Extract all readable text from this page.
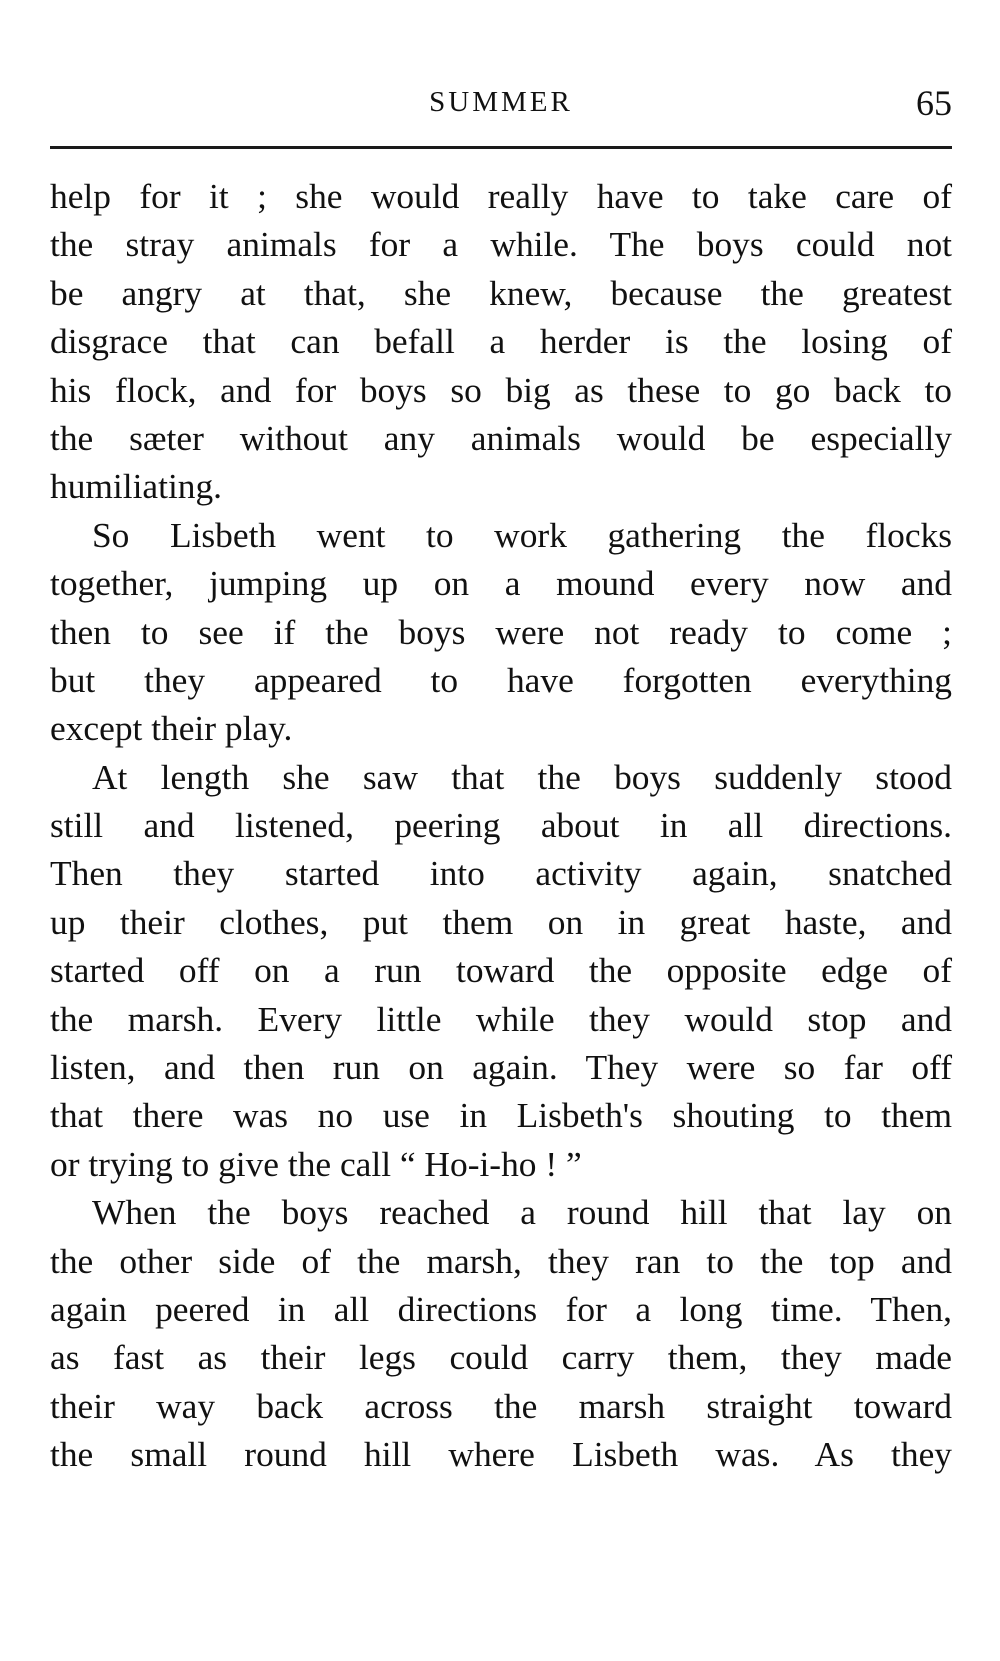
SUMMER	65
help for it ; she would really have to take care of
the stray animals for a while. The boys could not
be angry at that, she knew, because the greatest
disgrace that can befall a herder is the losing of
his flock, and for boys so big as these to go back to
the sæter without any animals would be especially
humiliating.
So Lisbeth went to work gathering the flocks
together, jumping up on a mound every now and
then to see if the boys were not ready to come ;
but they appeared to have forgotten everything
except their play.
At length she saw that the boys suddenly stood
still and listened, peering about in all directions.
Then they started into activity again, snatched
up their clothes, put them on in great haste, and
started off on a run toward the opposite edge of
the marsh. Every little while they would stop and
listen, and then run on again. They were so far off
that there was no use in Lisbeth's shouting to them
or trying to give the call “ Ho-i-ho ! ”
When the boys reached a round hill that lay on
the other side of the marsh, they ran to the top and
again peered in all directions for a long time. Then,
as fast as their legs could carry them, they made
their way back across the marsh straight toward
the small round hill where Lisbeth was. As they
